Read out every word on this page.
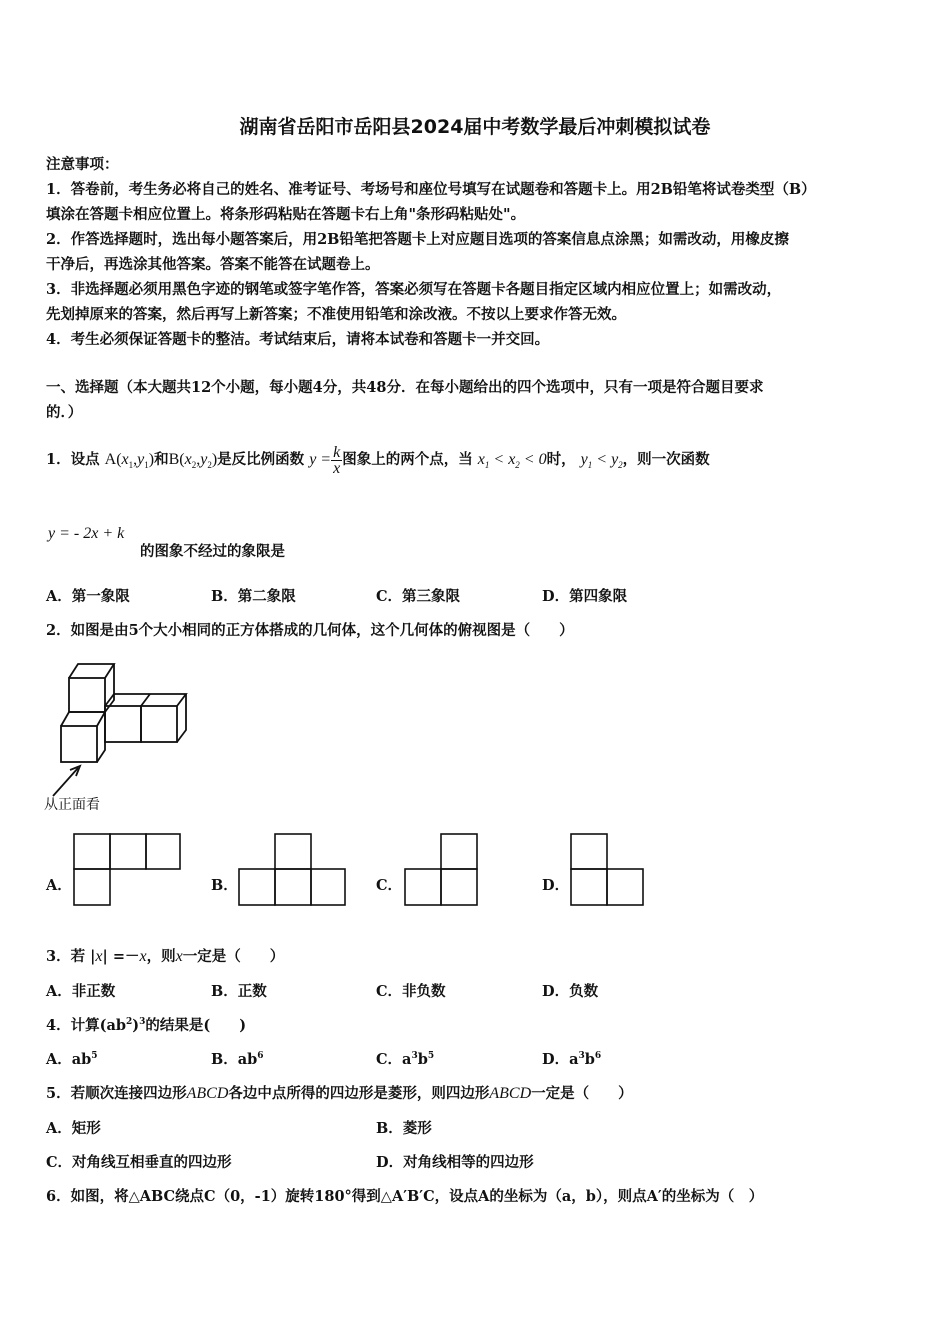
湖南省岳阳市岳阳县2024届中考数学最后冲刺模拟试卷
注意事项：
1．答卷前，考生务必将自己的姓名、准考证号、考场号和座位号填写在试题卷和答题卡上。用2B铅笔将试卷类型（B）
填涂在答题卡相应位置上。将条形码粘贴在答题卡右上角"条形码粘贴处"。
2．作答选择题时，选出每小题答案后，用2B铅笔把答题卡上对应题目选项的答案信息点涂黑；如需改动，用橡皮擦
干净后，再选涂其他答案。答案不能答在试题卷上。
3．非选择题必须用黑色字迹的钢笔或签字笔作答，答案必须写在答题卡各题目指定区域内相应位置上；如需改动，
先划掉原来的答案，然后再写上新答案；不准使用铅笔和涂改液。不按以上要求作答无效。
4．考生必须保证答题卡的整洁。考试结束后，请将本试卷和答题卡一并交回。
一、选择题（本大题共12个小题，每小题4分，共48分．在每小题给出的四个选项中，只有一项是符合题目要求
的．）
1．设点 $A(x_1,y_1)$和$B(x_2,y_2)$是反比例函数 $y = \frac{k}{x}$ 图象上的两个点，当 $x_1 < x_2 < 0$时， $y_1 < y_2$，则一次函数
y = - 2x + k
的图象不经过的象限是
A．第一象限	B．第二象限	C．第三象限	D．第四象限
2．如图是由5个大小相同的正方体搭成的几何体，这个几何体的俯视图是（　　）
从正面看
A．	B．	C．	D．
3．若 |x| =－x，则x一定是（　　）
A．非正数	B．正数	C．非负数	D．负数
4．计算$(ab^2)^3$的结果是(　　)
A．$ab^5$	B．$ab^6$	C．$a^3b^5$	D．$a^3b^6$
5．若顺次连接四边形ABCD各边中点所得的四边形是菱形，则四边形ABCD一定是（　　）
A．矩形	B．菱形
C．对角线互相垂直的四边形	D．对角线相等的四边形
6．如图，将△ABC绕点C（0，-1）旋转180°得到△A′B′C，设点A的坐标为（a，b），则点A′的坐标为（　）
